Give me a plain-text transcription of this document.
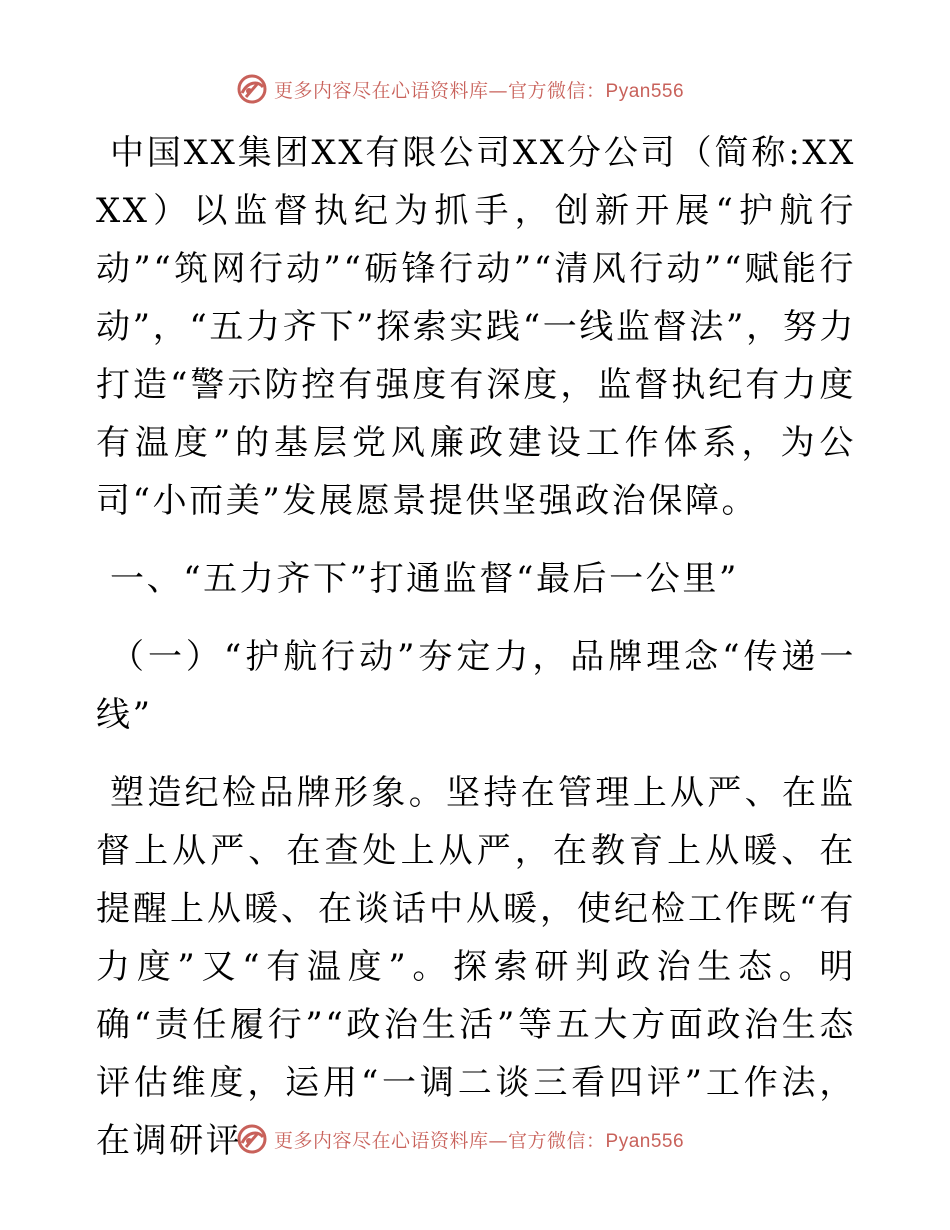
更多内容尽在心语资料库—官方微信：Pyan556

中国XX集团XX有限公司XX分公司（简称:XXXX）以监督执纪为抓手，创新开展“护航行动”“筑网行动”“砺锋行动”“清风行动”“赋能行动”，“五力齐下”探索实践“一线监督法”，努力打造“警示防控有强度有深度，监督执纪有力度有温度”的基层党风廉政建设工作体系，为公司“小而美”发展愿景提供坚强政治保障。

一、“五力齐下”打通监督“最后一公里”

（一）“护航行动”夯定力，品牌理念“传递一线”

塑造纪检品牌形象。坚持在管理上从严、在监督上从严、在查处上从严，在教育上从暖、在提醒上从暖、在谈话中从暖，使纪检工作既“有力度”又“有温度”。探索研判政治生态。明确“责任履行”“政治生活”等五大方面政治生态评估维度，运用“一调二谈三看四评”工作法，在调研评	更多内容尽在心语资料库—官方微信：Pyan556
